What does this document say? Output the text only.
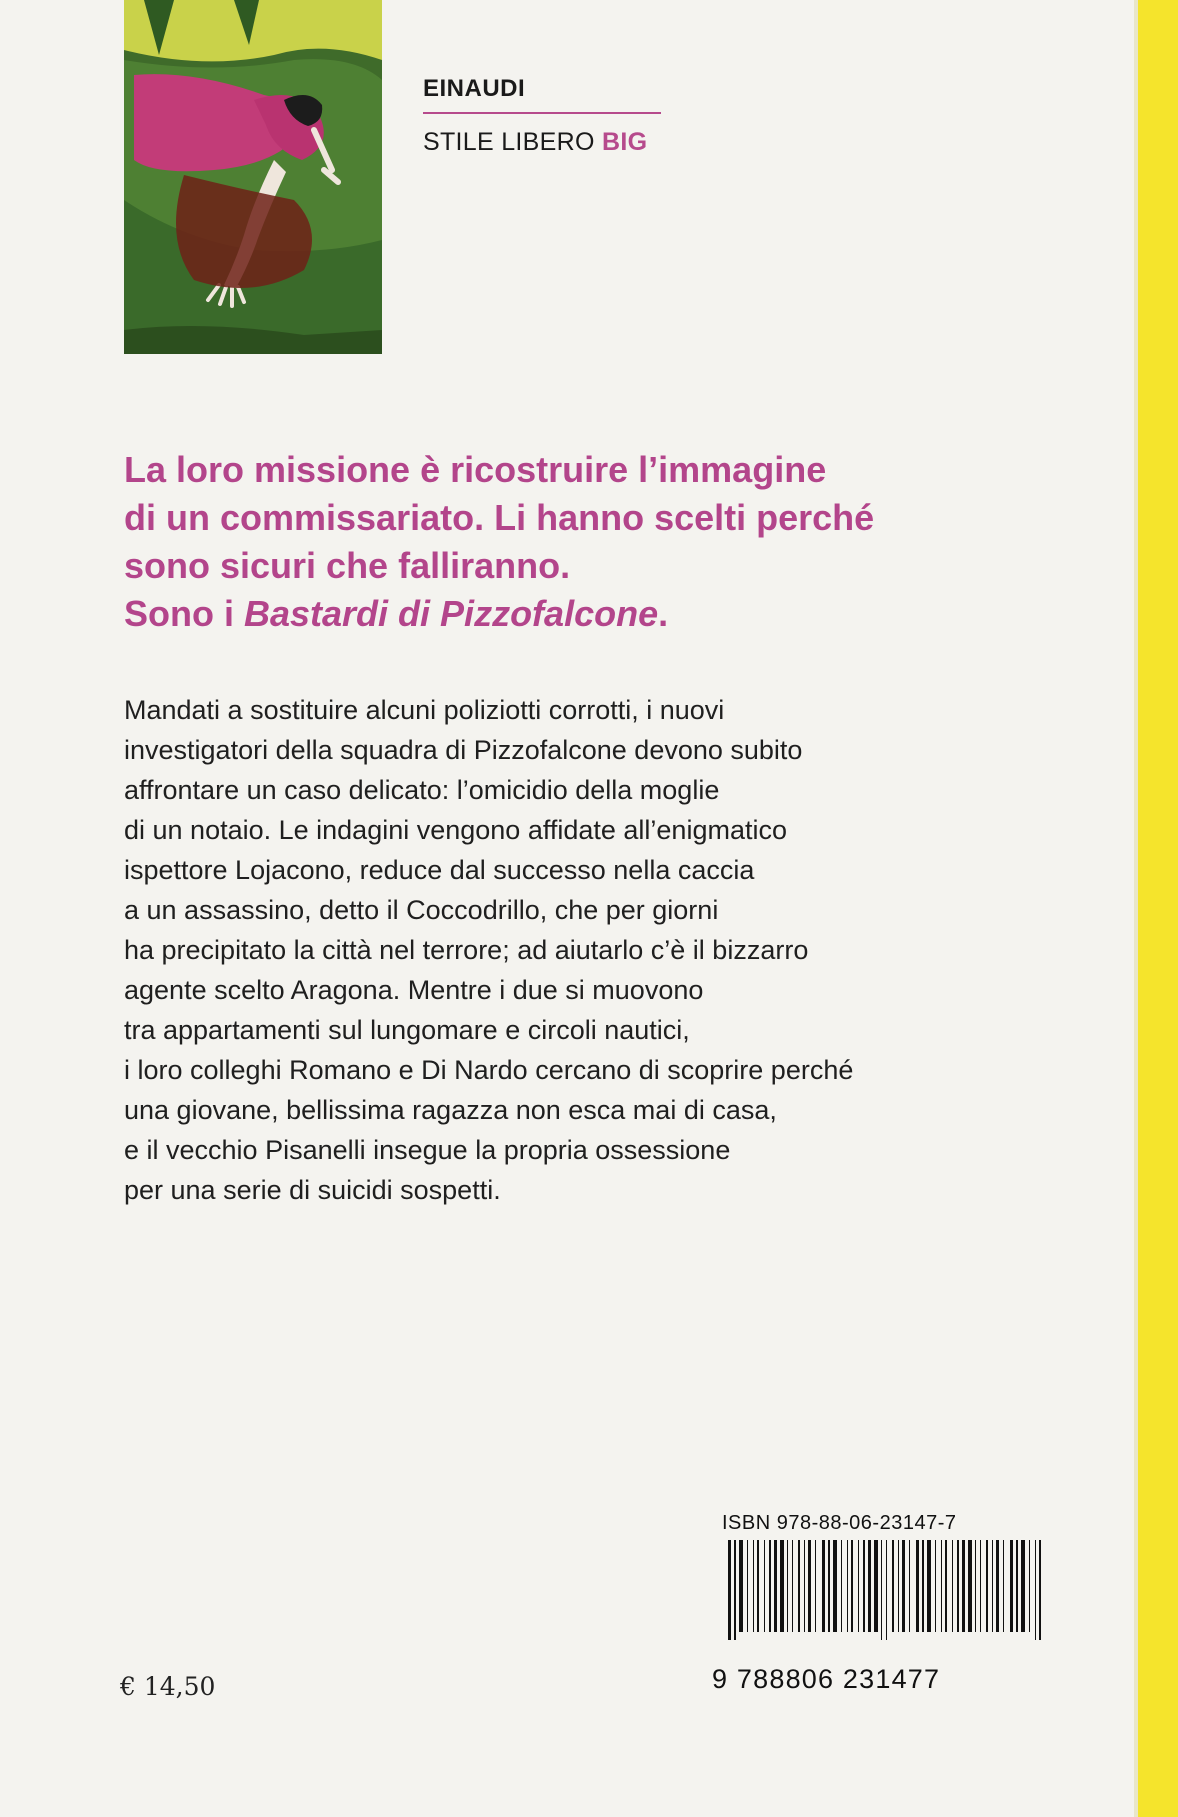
EINAUDI
STILE LIBERO BIG
La loro missione è ricostruire l’immagine
di un commissariato. Li hanno scelti perché
sono sicuri che falliranno.
Sono i Bastardi di Pizzofalcone.
Mandati a sostituire alcuni poliziotti corrotti, i nuovi
investigatori della squadra di Pizzofalcone devono subito
affrontare un caso delicato: l’omicidio della moglie
di un notaio. Le indagini vengono affidate all’enigmatico
ispettore Lojacono, reduce dal successo nella caccia
a un assassino, detto il Coccodrillo, che per giorni
ha precipitato la città nel terrore; ad aiutarlo c’è il bizzarro
agente scelto Aragona. Mentre i due si muovono
tra appartamenti sul lungomare e circoli nautici,
i loro colleghi Romano e Di Nardo cercano di scoprire perché
una giovane, bellissima ragazza non esca mai di casa,
e il vecchio Pisanelli insegue la propria ossessione
per una serie di suicidi sospetti.
ISBN 978-88-06-23147-7
9 788806 231477
€ 14,50
